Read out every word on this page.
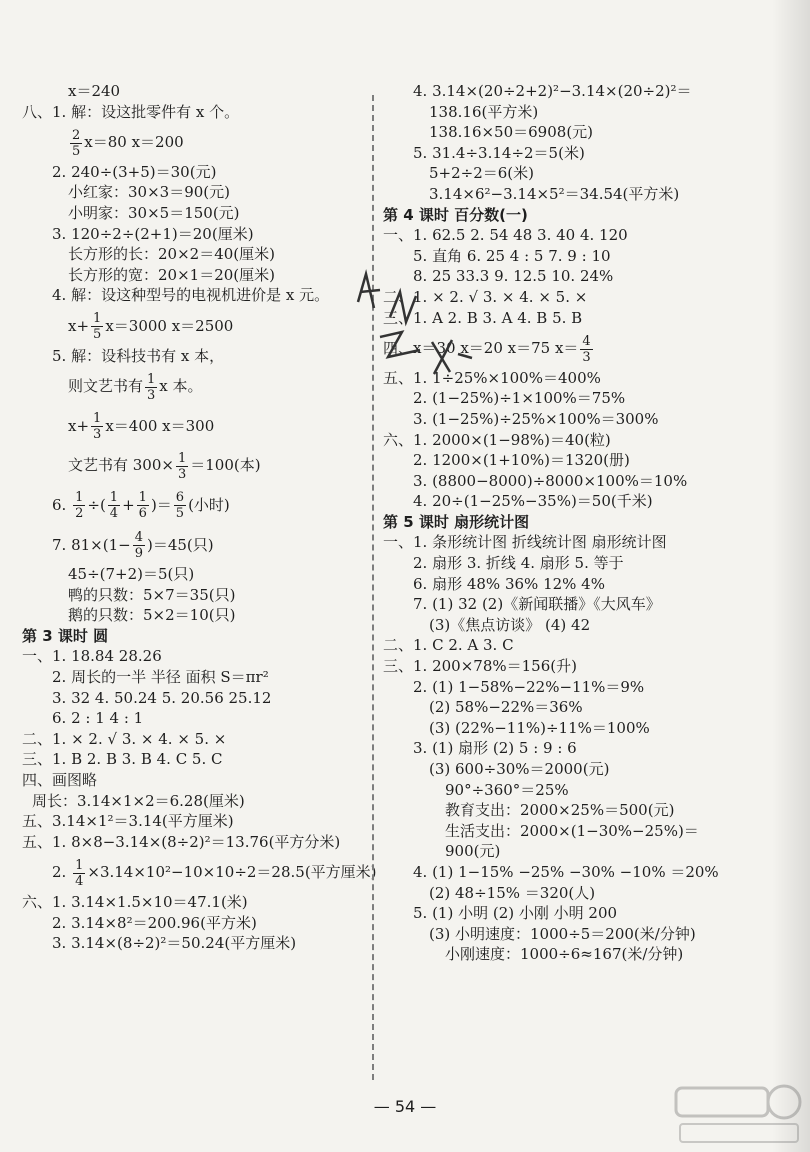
x＝240
八、1. 解：设这批零件有 x 个。
$\frac{2}{5} x=80$ x＝200
2. 240÷(3+5)＝30(元)
小红家：30×3＝90(元)
小明家：30×5＝150(元)
3. 120÷2÷(2+1)＝20(厘米)
长方形的长：20×2＝40(厘米)
长方形的宽：20×1＝20(厘米)
4. 解：设这种型号的电视机进价是 x 元。
$x+ \frac{1}{5} x=3000$ x＝2500
5. 解：设科技书有 x 本，
则文艺书有 $\frac{1}{3}$ x 本。
$x+ \frac{1}{3} x=400$ x＝300
文艺书有 $300\times \frac{1}{3} =100$(本)
6. $\frac{1}{2}$ ÷( $\frac{1}{4} + \frac{1}{6}$ )＝ $\frac{6}{5}$ (小时)
7. $81\times(1- \frac{4}{9} )=45$(只)
45÷(7+2)＝5(只)
鸭的只数：5×7＝35(只)
鹅的只数：5×2＝10(只)
第 3 课时 圆
一、1. 18.84 28.26
2. 周长的一半 半径 面积 S＝πr²
3. 32 4. 50.24 5. 20.56 25.12
6. 2 : 1 4 : 1
二、1. × 2. √ 3. × 4. × 5. ×
三、1. B 2. B 3. B 4. C 5. C
四、画图略
周长：3.14×1×2＝6.28(厘米)
五、3.14×1²＝3.14(平方厘米)
五、1. 8×8−3.14×(8÷2)²＝13.76(平方分米)
2. $\frac{1}{4} \times 3.14\times 10^2-10\times 10\div 2=28.5$(平方厘米)
六、1. 3.14×1.5×10＝47.1(米)
2. 3.14×8²＝200.96(平方米)
3. 3.14×(8÷2)²＝50.24(平方厘米)
4. 3.14×(20÷2+2)²−3.14×(20÷2)²＝
138.16(平方米)
138.16×50＝6908(元)
5. 31.4÷3.14÷2＝5(米)
5+2÷2＝6(米)
3.14×6²−3.14×5²＝34.54(平方米)
第 4 课时 百分数(一)
一、1. 62.5 2. 54 48 3. 40 4. 120
5. 直角 6. 25 4 : 5 7. 9 : 10
8. 25 33.3 9. 12.5 10. 24%
二、1. × 2. √ 3. × 4. × 5. ×
三、1. A 2. B 3. A 4. B 5. B
四、x＝30 x＝20 x＝75 $x= \frac{4}{3}$
五、1. 1÷25%×100%＝400%
2. (1−25%)÷1×100%＝75%
3. (1−25%)÷25%×100%＝300%
六、1. 2000×(1−98%)＝40(粒)
2. 1200×(1+10%)＝1320(册)
3. (8800−8000)÷8000×100%＝10%
4. 20÷(1−25%−35%)＝50(千米)
第 5 课时 扇形统计图
一、1. 条形统计图 折线统计图 扇形统计图
2. 扇形 3. 折线 4. 扇形 5. 等于
6. 扇形 48% 36% 12% 4%
7. (1) 32 (2)《新闻联播》《大风车》
(3)《焦点访谈》 (4) 42
二、1. C 2. A 3. C
三、1. 200×78%＝156(升)
2. (1) 1−58%−22%−11%＝9%
(2) 58%−22%＝36%
(3) (22%−11%)÷11%＝100%
3. (1) 扇形 (2) 5 : 9 : 6
(3) 600÷30%＝2000(元)
90°÷360°＝25%
教育支出：2000×25%＝500(元)
生活支出：2000×(1−30%−25%)＝
900(元)
4. (1) 1−15% −25% −30% −10% ＝20%
(2) 48÷15% ＝320(人)
5. (1) 小明 (2) 小刚 小明 200
(3) 小明速度：1000÷5＝200(米/分钟)
小刚速度：1000÷6≈167(米/分钟)
— 54 —
